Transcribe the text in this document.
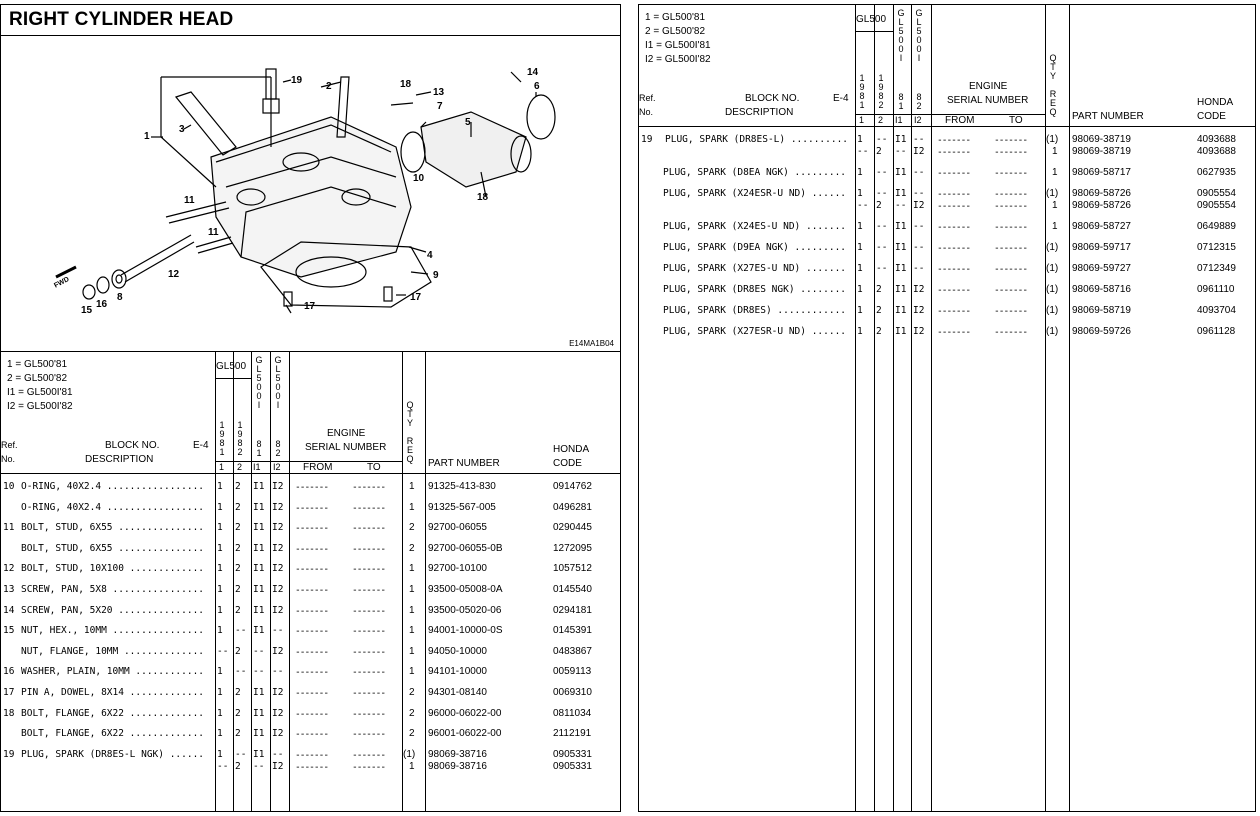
RIGHT CYLINDER HEAD
1
2
3
4
5
6
7
8
9
10
11
11
12
13
14
15
16	17
17
18
18
19
FWD
E14MA1B04
1 = GL500'81
2 = GL500'82
I1 = GL500I'81
I2 = GL500I'82
Ref.
No.
BLOCK NO.	E-4
DESCRIPTION
GL500
1
9
8
1
1
9
8
2
G
L
5
0
0
I
8
1
G
L
5
0
0
I
8
2
1 2 I1 I2
ENGINE
SERIAL NUMBER
FROM	TO
Q
T
Y

R
E
Q PART NUMBER
HONDA
CODE
10 O-RING, 40X2.4 ................. 1 2 I1 I2 -------	------- 1 91325-413-830	0914762
O-RING, 40X2.4 ................. 1 2 I1 I2 -------	------- 1 91325-567-005	0496281
11 BOLT, STUD, 6X55 ............... 1 2 I1 I2 -------	------- 2 92700-06055	0290445
BOLT, STUD, 6X55 ............... 1 2 I1 I2 -------	------- 2 92700-06055-0B	1272095
12 BOLT, STUD, 10X100 ............. 1 2 I1 I2 -------	------- 1 92700-10100	1057512
13 SCREW, PAN, 5X8 ................ 1 2 I1 I2 -------	------- 1 93500-05008-0A	0145540
14 SCREW, PAN, 5X20 ............... 1 2 I1 I2 -------	------- 1 93500-05020-06	0294181
15 NUT, HEX., 10MM ................ 1 -- I1 -- -------	------- 1 94001-10000-0S	0145391
NUT, FLANGE, 10MM .............. -- 2 -- I2 -------	------- 1 94050-10000	0483867
16 WASHER, PLAIN, 10MM ............ 1 -- -- -- -------	------- 1 94101-10000	0059113
17 PIN A, DOWEL, 8X14 ............. 1 2 I1 I2 -------	------- 2 94301-08140	0069310
18 BOLT, FLANGE, 6X22 ............. 1 2 I1 I2 -------	------- 2 96000-06022-00	0811034
BOLT, FLANGE, 6X22 ............. 1 2 I1 I2 -------	------- 2 96001-06022-00	2112191
19 PLUG, SPARK (DR8ES-L NGK) ...... 1 -- I1 -- -------	------- (1) 98069-38716	0905331
-- 2 -- I2 -------	------- 1 98069-38716	0905331
1 = GL500'81
2 = GL500'82
I1 = GL500I'81
I2 = GL500I'82
Ref.
No.
BLOCK NO.	E-4
DESCRIPTION
GL500
1
9
8
1
1
9
8
2
G
L
5
0
0
I
8
1
G
L
5
0
0
I
8
2
1 2 I1 I2
ENGINE
SERIAL NUMBER
FROM	TO
Q
T
Y

R
E
Q PART NUMBER
HONDA
CODE
19 PLUG, SPARK (DR8ES-L) .......... 1 -- I1 -- -------	------- (1) 98069-38719	4093688
-- 2 -- I2 -------	------- 1 98069-38719	4093688
PLUG, SPARK (D8EA NGK) ......... 1 -- I1 -- -------	------- 1 98069-58717	0627935
PLUG, SPARK (X24ESR-U ND) ...... 1 -- I1 -- -------	------- (1) 98069-58726	0905554
-- 2 -- I2 -------	------- 1 98069-58726	0905554
PLUG, SPARK (X24ES-U ND) ....... 1 -- I1 -- -------	------- 1 98069-58727	0649889
PLUG, SPARK (D9EA NGK) ......... 1 -- I1 -- -------	------- (1) 98069-59717	0712315
PLUG, SPARK (X27ES-U ND) ....... 1 -- I1 -- -------	------- (1) 98069-59727	0712349
PLUG, SPARK (DR8ES NGK) ........ 1 2 I1 I2 -------	------- (1) 98069-58716	0961110
PLUG, SPARK (DR8ES) ............ 1 2 I1 I2 -------	------- (1) 98069-58719	4093704
PLUG, SPARK (X27ESR-U ND) ...... 1 2 I1 I2 -------	------- (1) 98069-59726	0961128
